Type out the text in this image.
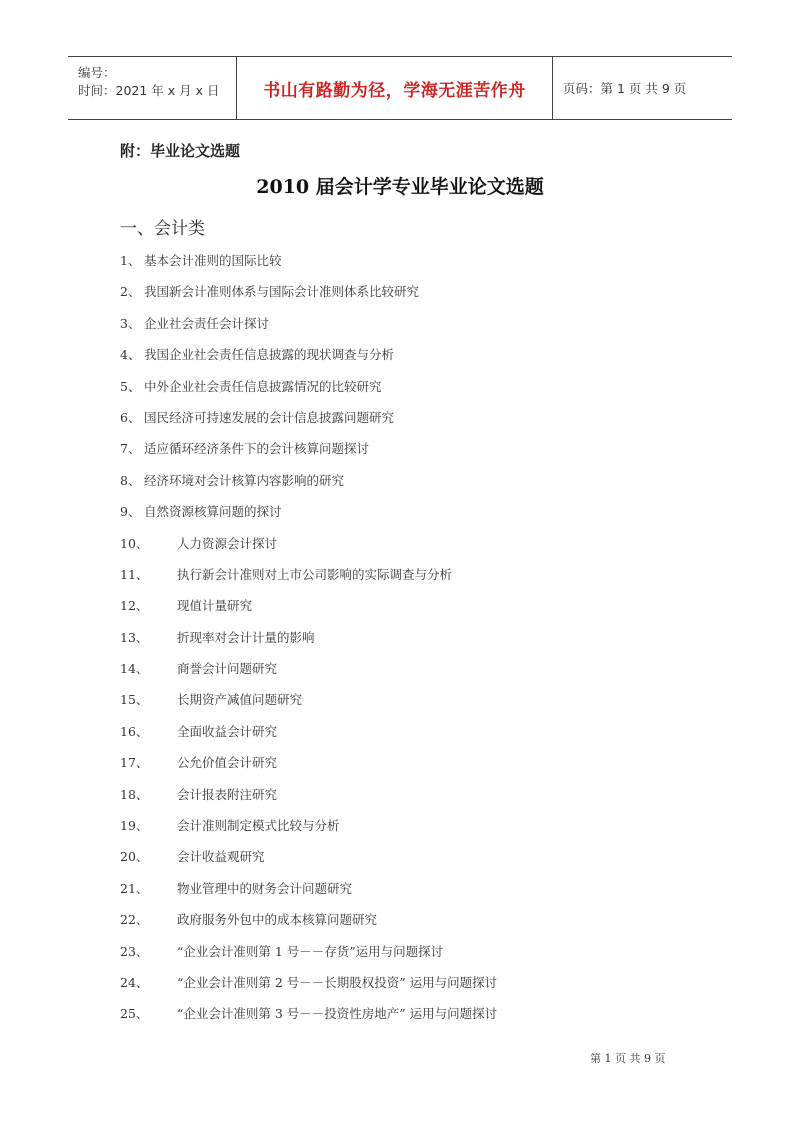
编号：
时间：2021 年 x 月 x 日	书山有路勤为径，学海无涯苦作舟	页码：第 1 页 共 9 页
附：毕业论文选题
2010 届会计学专业毕业论文选题
一、会计类
1、 基本会计准则的国际比较
2、 我国新会计准则体系与国际会计准则体系比较研究
3、 企业社会责任会计探讨
4、 我国企业社会责任信息披露的现状调查与分析
5、 中外企业社会责任信息披露情况的比较研究
6、 国民经济可持速发展的会计信息披露问题研究
7、 适应循环经济条件下的会计核算问题探讨
8、 经济环境对会计核算内容影响的研究
9、 自然资源核算问题的探讨
10、 人力资源会计探讨
11、 执行新会计准则对上市公司影响的实际调查与分析
12、 现值计量研究
13、 折现率对会计计量的影响
14、 商誉会计问题研究
15、 长期资产减值问题研究
16、 全面收益会计研究
17、 公允价值会计研究
18、 会计报表附注研究
19、 会计准则制定模式比较与分析
20、 会计收益观研究
21、 物业管理中的财务会计问题研究
22、 政府服务外包中的成本核算问题研究
23、 “企业会计准则第 1 号－－存货”运用与问题探讨
24、 “企业会计准则第 2 号－－长期股权投资” 运用与问题探讨
25、 “企业会计准则第 3 号－－投资性房地产” 运用与问题探讨
第 1 页 共 9 页
